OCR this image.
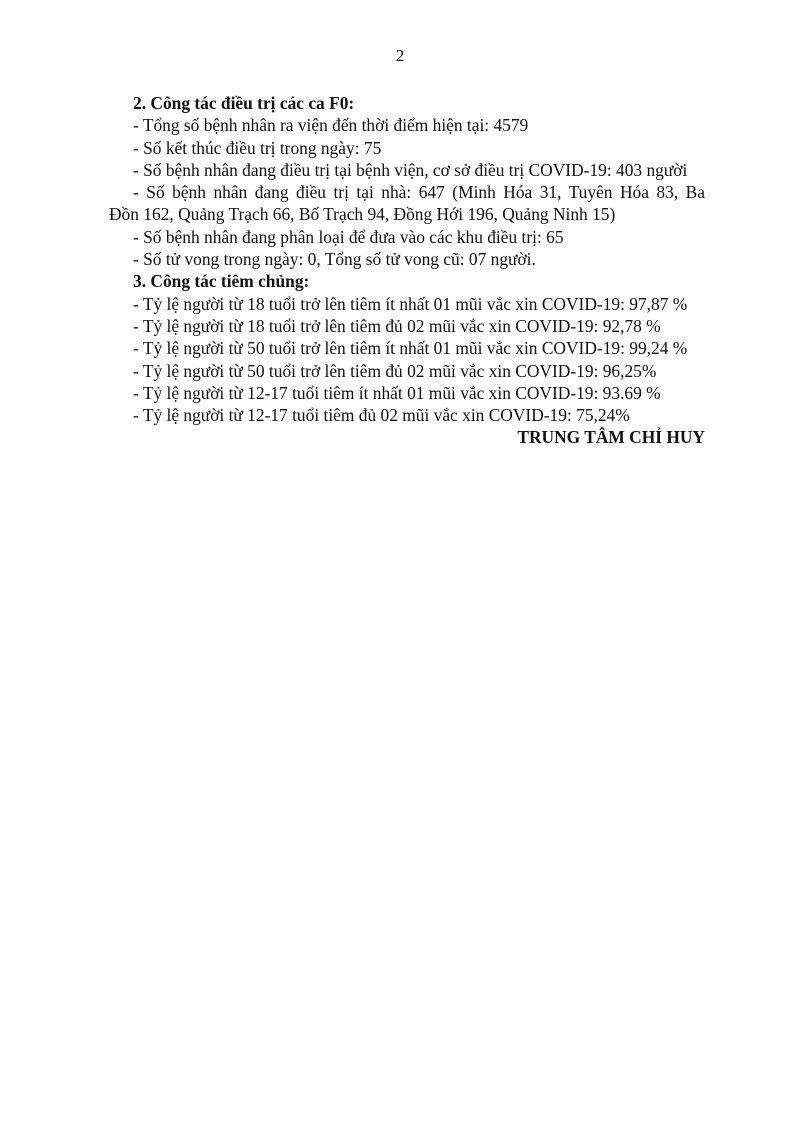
2
2. Công tác điều trị các ca F0:
- Tổng số bệnh nhân ra viện đến thời điểm hiện tại: 4579
- Số kết thúc điều trị trong ngày: 75
- Số bệnh nhân đang điều trị tại bệnh viện, cơ sở điều trị COVID-19: 403 người
- Số bệnh nhân đang điều trị tại nhà: 647 (Minh Hóa 31, Tuyên Hóa 83, Ba
Đồn 162, Quảng Trạch 66, Bố Trạch 94, Đồng Hới 196, Quảng Ninh 15)
- Số bệnh nhân đang phân loại để đưa vào các khu điều trị: 65
- Số tử vong trong ngày: 0, Tổng số tử vong cũ: 07 người.
3. Công tác tiêm chủng:
- Tỷ lệ người từ 18 tuổi trở lên tiêm ít nhất 01 mũi vắc xin COVID-19: 97,87 %
- Tỷ lệ người từ 18 tuổi trở lên tiêm đủ 02 mũi vắc xin COVID-19: 92,78 %
- Tỷ lệ người từ 50 tuổi trở lên tiêm ít nhất 01 mũi vắc xin COVID-19: 99,24 %
- Tỷ lệ người từ 50 tuổi trở lên tiêm đủ 02 mũi vắc xin COVID-19: 96,25%
- Tỷ lệ người từ 12-17 tuổi tiêm ít nhất 01 mũi vắc xin COVID-19: 93.69 %
- Tỷ lệ người từ 12-17 tuổi tiêm đủ 02 mũi vắc xin COVID-19: 75,24%
TRUNG TÂM CHỈ HUY
